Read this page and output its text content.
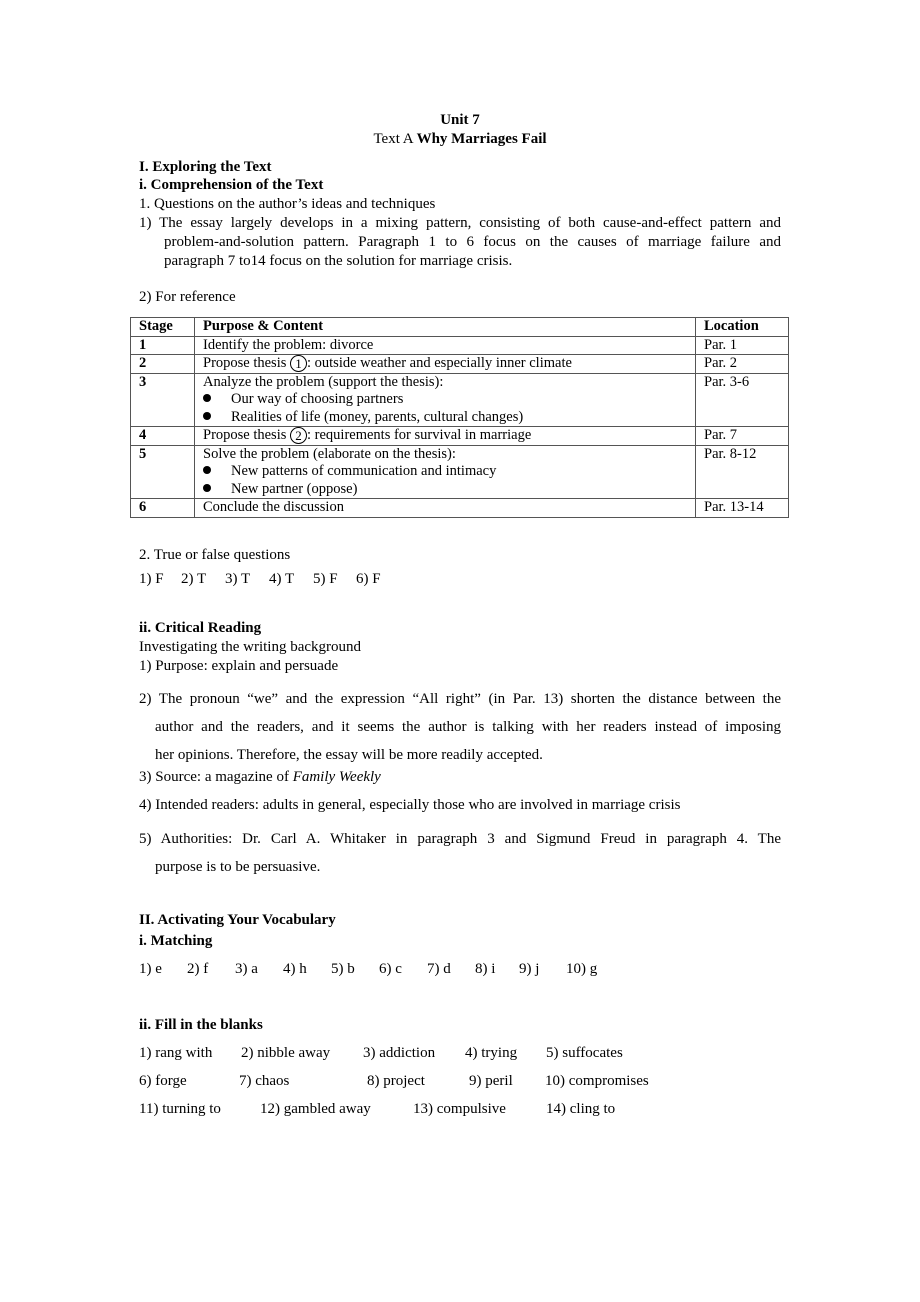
Unit 7
Text A Why Marriages Fail
I. Exploring the Text
i. Comprehension of the Text
1. Questions on the author’s ideas and techniques
1) The essay largely develops in a mixing pattern, consisting of both cause-and-effect pattern and
problem-and-solution pattern. Paragraph 1 to 6 focus on the causes of marriage failure and
paragraph 7 to14 focus on the solution for marriage crisis.
2) For reference
Stage	Purpose & Content	Location
1	Identify the problem: divorce	Par. 1
2	Propose thesis 1 : outside weather and especially inner climate	Par. 2
3	Analyze the problem (support the thesis):
Our way of choosing partners
Realities of life (money, parents, cultural changes)	Par. 3-6
4	Propose thesis 2 : requirements for survival in marriage	Par. 7
5	Solve the problem (elaborate on the thesis):
New patterns of communication and intimacy
New partner (oppose)	Par. 8-12
6	Conclude the discussion	Par. 13-14
2. True or false questions
1) F 2) T 3) T 4) T 5) F 6) F
ii. Critical Reading
Investigating the writing background
1) Purpose: explain and persuade
2) The pronoun “we” and the expression “All right” (in Par. 13) shorten the distance between the
author and the readers, and it seems the author is talking with her readers instead of imposing
her opinions. Therefore, the essay will be more readily accepted.
3) Source: a magazine of Family Weekly
4) Intended readers: adults in general, especially those who are involved in marriage crisis
5) Authorities: Dr. Carl A. Whitaker in paragraph 3 and Sigmund Freud in paragraph 4. The
purpose is to be persuasive.
II. Activating Your Vocabulary
i. Matching
1) e 2) f 3) a 4) h 5) b 6) c 7) d 8) i 9) j 10) g
ii. Fill in the blanks
1) rang with 2) nibble away 3) addiction 4) trying 5) suffocates
6) forge	7) chaos	8) project	9) peril 10) compromises
11) turning to	12) gambled away	13) compulsive	14) cling to
